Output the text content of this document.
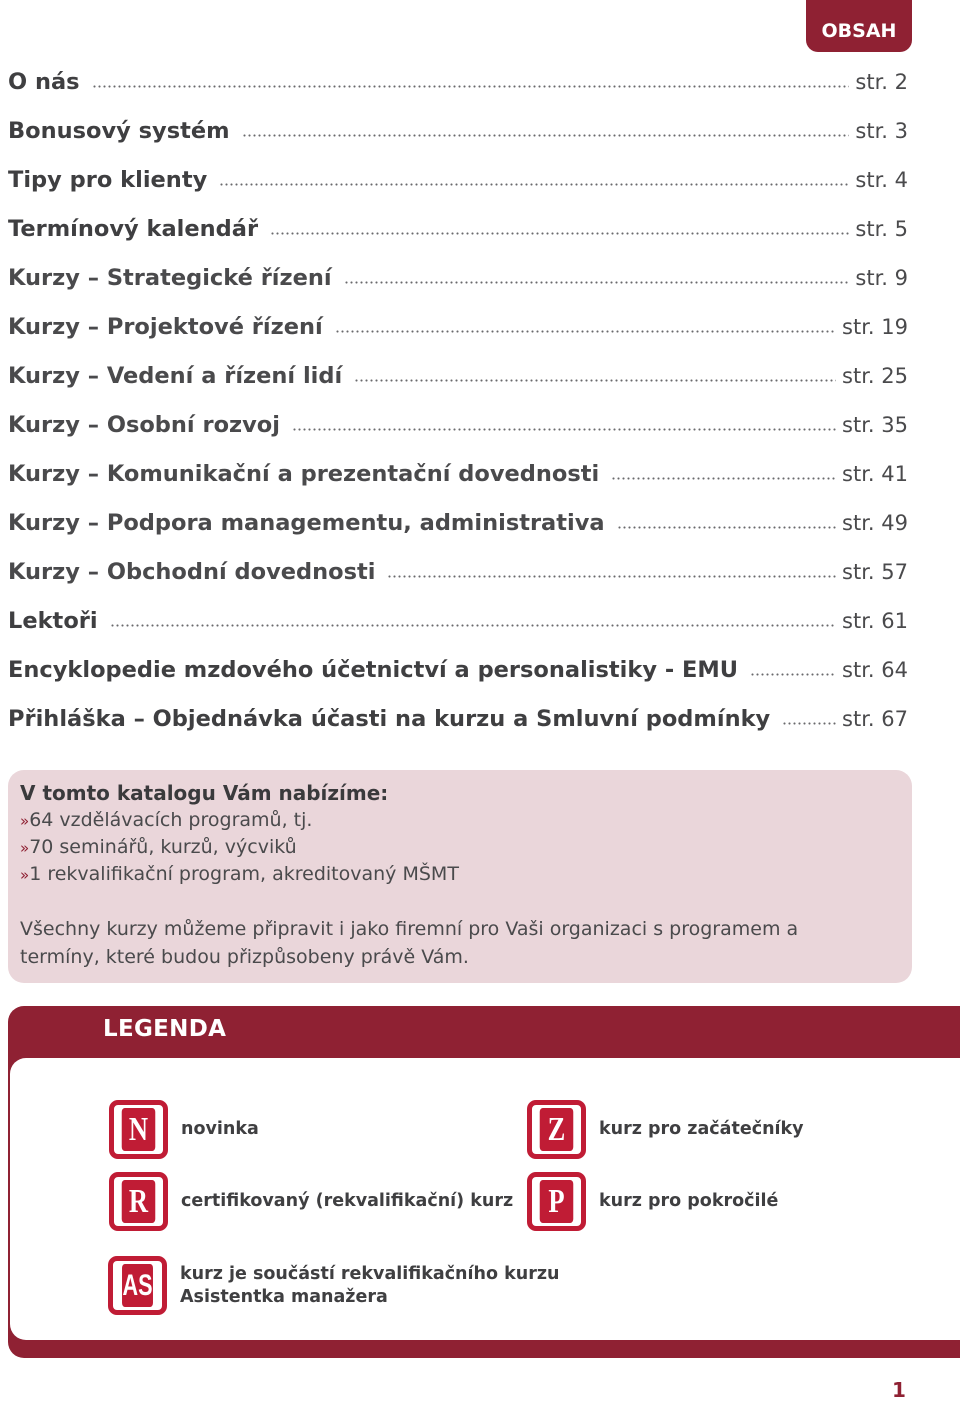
OBSAH
O nás	str. 2
Bonusový systém	str. 3
Tipy pro klienty	str. 4
Termínový kalendář	str. 5
Kurzy – Strategické řízení	str. 9
Kurzy – Projektové řízení	str. 19
Kurzy – Vedení a řízení lidí	str. 25
Kurzy – Osobní rozvoj	str. 35
Kurzy – Komunikační a prezentační dovednosti	str. 41
Kurzy – Podpora managementu, administrativa	str. 49
Kurzy – Obchodní dovednosti	str. 57
Lektoři	str. 61
Encyklopedie mzdového účetnictví a personalistiky - EMU	str. 64
Přihláška – Objednávka účasti na kurzu a Smluvní podmínky	str. 67
V tomto katalogu Vám nabízíme:
»64 vzdělávacích programů, tj.
»70 seminářů, kurzů, výcviků
»1 rekvalifikační program, akreditovaný MŠMT
Všechny kurzy můžeme připravit i jako firemní pro Vaši organizaci s programem a termíny, které budou přizpůsobeny právě Vám.
LEGENDA
N	novinka	Z	kurz pro začátečníky
R	certifikovaný (rekvalifikační) kurz P	kurz pro pokročilé
AS kurz je součástí rekvalifikačního kurzu
Asistentka manažera
1
